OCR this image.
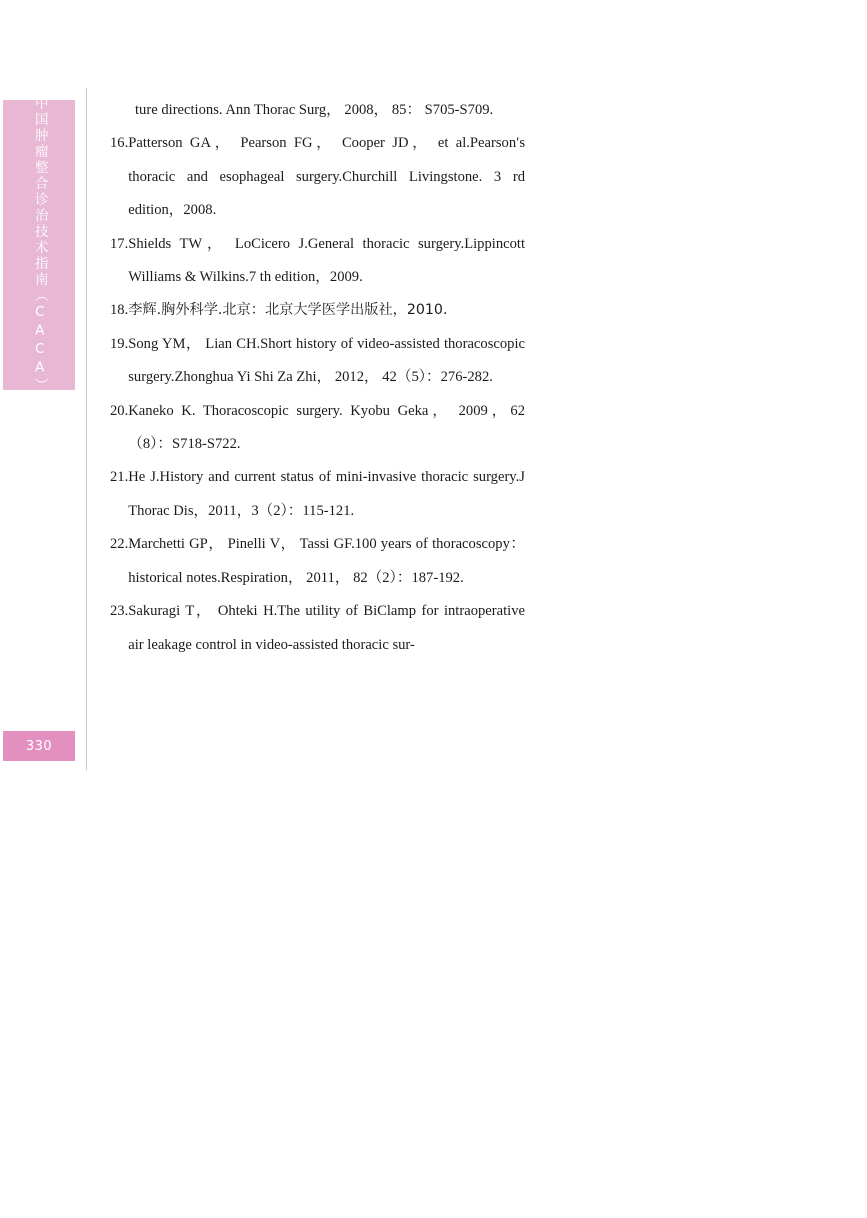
中国肿瘤整合诊治技术指南（CACA）
330
ture directions. Ann Thorac Surg， 2008， 85： S705-S709.
16. Patterson GA， Pearson FG， Cooper JD， et al.Pearson′s thoracic and esophageal surgery.Churchill Livingstone. 3 rd edition，2008.
17. Shields TW， LoCicero J.General thoracic surgery.Lippincott Williams & Wilkins.7 th edition，2009.
18. 李辉.胸外科学.北京：北京大学医学出版社，2010.
19. Song YM， Lian CH.Short history of video-assisted thoracoscopic surgery.Zhonghua Yi Shi Za Zhi， 2012， 42（5）：276-282.
20. Kaneko K. Thoracoscopic surgery. Kyobu Geka， 2009，62（8）：S718-S722.
21. He J.History and current status of mini-invasive thoracic surgery.J Thorac Dis，2011，3（2）：115-121.
22. Marchetti GP， Pinelli V， Tassi GF.100 years of thoracoscopy：historical notes.Respiration， 2011， 82（2）：187-192.
23. Sakuragi T， Ohteki H.The utility of BiClamp for intraoperative air leakage control in video-assisted thoracic sur-
